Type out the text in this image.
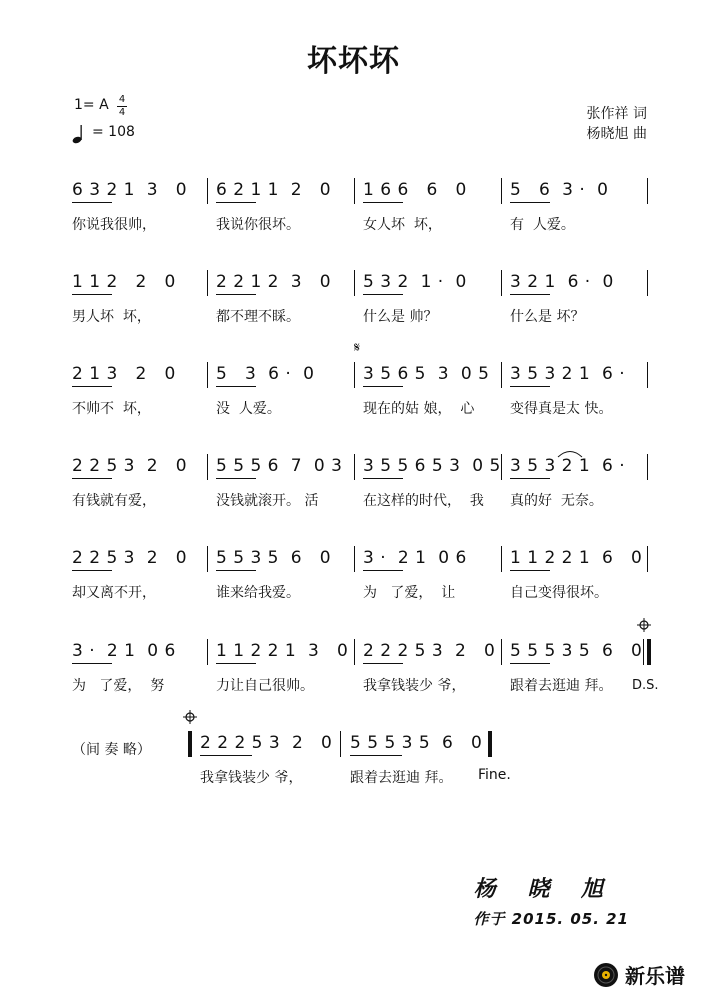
坏坏坏
1= A 4
4
= 108
张作祥 词
杨晓旭 曲
6 3 2 1  3   0
你说我很帅，
6 2 1 1  2   0
我说你很坏。
1 6 6   6   0
女人坏  坏，
5   6  3 ·  0
有  人爱。
1 1 2   2   0
男人坏  坏，
2 2 1 2  3   0
都不理不睬。
5 3 2  1 ·  0
什么是 帅？
3 2 1  6 ·  0
什么是 坏？
2 1 3   2   0
不帅不  坏，
5   3  6 ·  0
没  人爱。
3 5 6 5  3  0 5
现在的姑 娘，  心
3 5 3 2 1  6 ·
变得真是太 快。
2 2 5 3  2   0
有钱就有爱，
5 5 5 6  7  0 3
没钱就滚开。 活
3 5 5 6 5 3  0 5
在这样的时代，  我
3 5 3 2 1  6 ·
真的好  无奈。
2 2 5 3  2   0
却又离不开，
5 5 3 5  6   0
谁来给我爱。
3 ·  2 1  0 6
为   了爱，  让
1 1 2 2 1  6   0
自己变得很坏。
3 ·  2 1  0 6
为   了爱，  努
1 1 2 2 1  3   0
力让自己很帅。
2 2 2 5 3  2   0
我拿钱装少 爷，
5 5 5 3 5  6   0
跟着去逛迪 拜。
2 2 2 5 3  2   0
我拿钱装少 爷，
5 5 5 3 5  6   0
跟着去逛迪 拜。
（间 奏 略）
D.S.
Fine.
𝄋
杨 晓 旭
作于 2015. 05. 21
新乐谱
